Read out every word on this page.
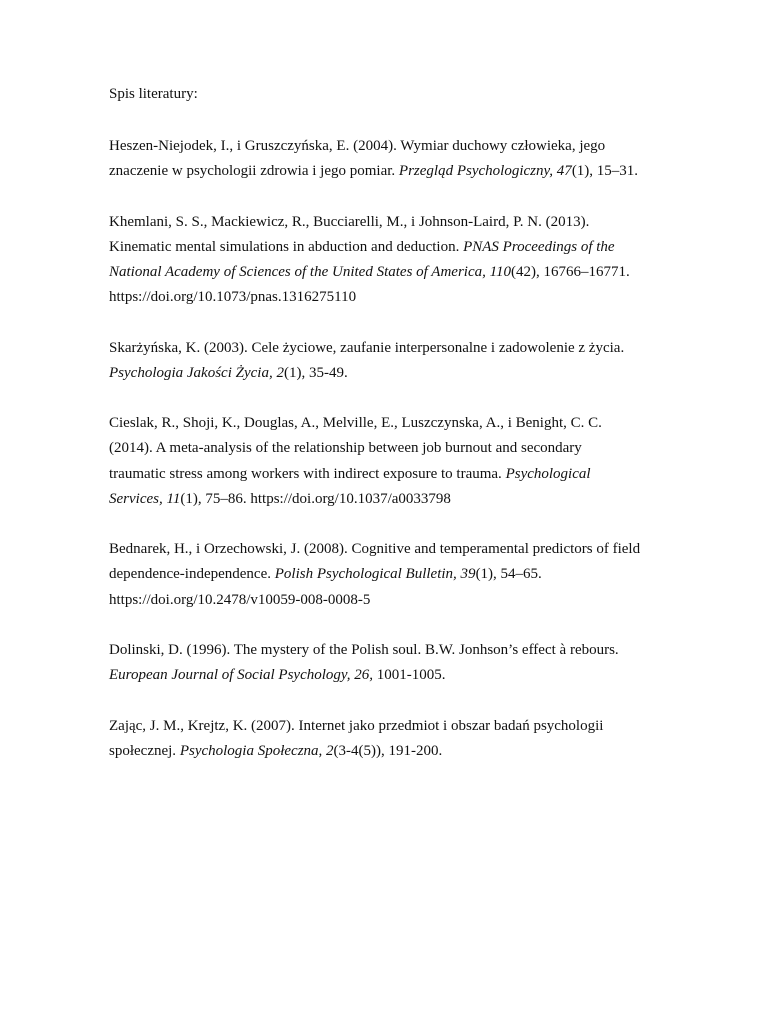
Spis literatury:
Heszen-Niejodek, I., i Gruszczyńska, E. (2004). Wymiar duchowy człowieka, jego
znaczenie w psychologii zdrowia i jego pomiar. Przegląd Psychologiczny, 47(1), 15–31.
Khemlani, S. S., Mackiewicz, R., Bucciarelli, M., i Johnson-Laird, P. N. (2013).
Kinematic mental simulations in abduction and deduction. PNAS Proceedings of the
National Academy of Sciences of the United States of America, 110(42), 16766–16771.
https://doi.org/10.1073/pnas.1316275110
Skarżyńska, K. (2003). Cele życiowe, zaufanie interpersonalne i zadowolenie z życia.
Psychologia Jakości Życia, 2(1), 35-49.
Cieslak, R., Shoji, K., Douglas, A., Melville, E., Luszczynska, A., i Benight, C. C.
(2014). A meta-analysis of the relationship between job burnout and secondary
traumatic stress among workers with indirect exposure to trauma. Psychological
Services, 11(1), 75–86. https://doi.org/10.1037/a0033798
Bednarek, H., i Orzechowski, J. (2008). Cognitive and temperamental predictors of field
dependence-independence. Polish Psychological Bulletin, 39(1), 54–65.
https://doi.org/10.2478/v10059-008-0008-5
Dolinski, D. (1996). The mystery of the Polish soul. B.W. Jonhson’s effect à rebours.
European Journal of Social Psychology, 26, 1001-1005.
Zając, J. M., Krejtz, K. (2007). Internet jako przedmiot i obszar badań psychologii
społecznej. Psychologia Społeczna, 2(3-4(5)), 191-200.
